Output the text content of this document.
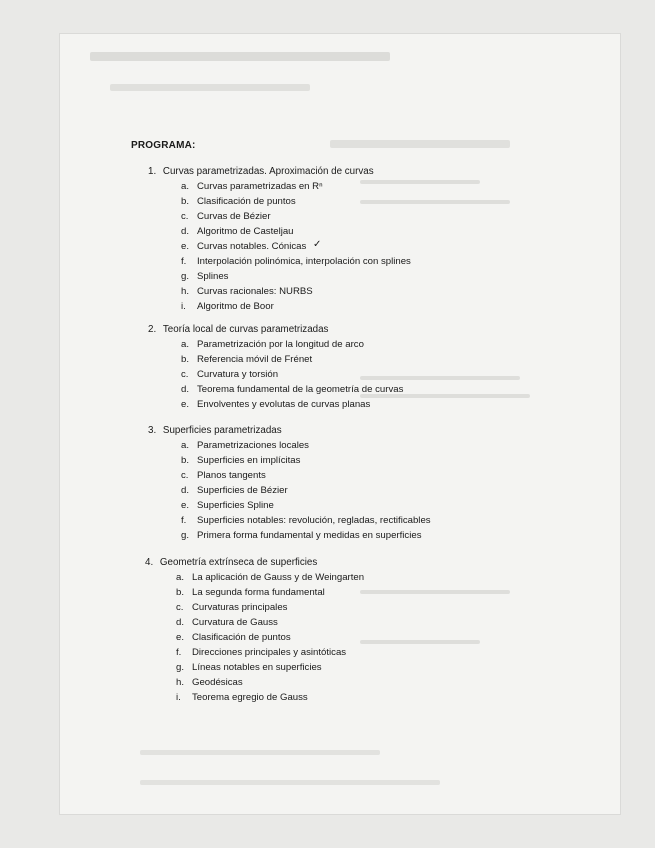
PROGRAMA:
1. Curvas parametrizadas. Aproximación de curvas
a. Curvas parametrizadas en Rⁿ
b. Clasificación de puntos
c. Curvas de Bézier
d. Algoritmo de Casteljau
e. Curvas notables. Cónicas ✓
f.	Interpolación polinómica, interpolación con splines
g. Splines
h. Curvas racionales: NURBS
i.	Algoritmo de Boor
2. Teoría local de curvas parametrizadas
a. Parametrización por la longitud de arco
b. Referencia móvil de Frénet
c. Curvatura y torsión
d. Teorema fundamental de la geometría de curvas
e. Envolventes y evolutas de curvas planas
3. Superficies parametrizadas
a. Parametrizaciones locales
b. Superficies en implícitas
c. Planos tangents
d. Superficies de Bézier
e. Superficies Spline
f.	Superficies notables: revolución, regladas, rectificables
g. Primera forma fundamental y medidas en superficies
4. Geometría extrínseca de superficies
a. La aplicación de Gauss y de Weingarten
b. La segunda forma fundamental
c. Curvaturas principales
d. Curvatura de Gauss
e. Clasificación de puntos
f.	Direcciones principales y asintóticas
g. Líneas notables en superficies
h. Geodésicas
i.	Teorema egregio de Gauss
